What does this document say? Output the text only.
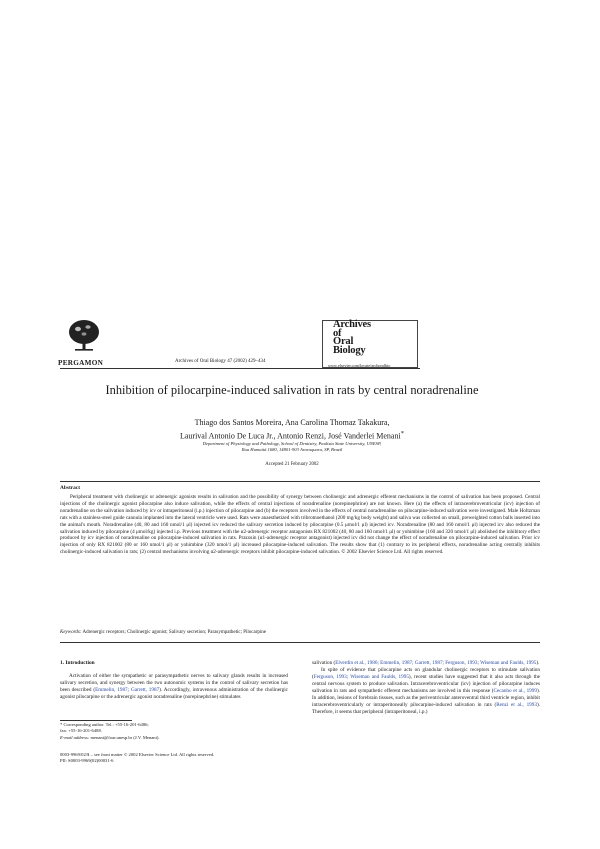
PERGAMON	Archives of Oral Biology 47 (2002) 429–434
Archives
of
Oral
Biology
www.elsevier.com/locate/archoralbio
Inhibition of pilocarpine-induced salivation in rats by central noradrenaline
Thiago dos Santos Moreira, Ana Carolina Thomaz Takakura,
Laurival Antonio De Luca Jr., Antonio Renzi, José Vanderlei Menani*
Department of Physiology and Pathology, School of Dentistry, Paulista State University, UNESP,
Rua Humaitá 1680, 14801-903 Araraquara, SP, Brazil
Accepted 21 February 2002
Abstract
Peripheral treatment with cholinergic or adrenergic agonists results in salivation and the possibility of synergy between cholinergic and adrenergic efferent mechanisms in the control of salivation has been proposed. Central injections of the cholinergic agonist pilocarpine also induce salivation, while the effects of central injections of noradrenaline (norepinephrine) are not known. Here (a) the effects of intracerebroventricular (icv) injection of noradrenaline on the salivation induced by icv or intraperitoneal (i.p.) injection of pilocarpine and (b) the receptors involved in the effects of central noradrenaline on pilocarpine-induced salivation were investigated. Male Holtzman rats with a stainless-steel guide cannula implanted into the lateral ventricle were used. Rats were anaesthetized with tribromoethanol (200 mg/kg body weight) and saliva was collected on small, preweighted cotton balls inserted into the animal's mouth. Noradrenaline (40, 80 and 160 nmol/1 μl) injected icv reduced the salivary secretion induced by pilocarpine (0.5 μmol/1 μl) injected icv. Noradrenaline (80 and 160 nmol/1 μl) injected icv also reduced the salivation induced by pilocarpine (4 μmol/kg) injected i.p. Previous treatment with the α2-adrenergic receptor antagonists RX 821002 (40, 80 and 160 nmol/1 μl) or yohimbine (160 and 320 nmol/1 μl) abolished the inhibitory effect produced by icv injection of noradrenaline on pilocarpine-induced salivation in rats. Prazosin (α1-adrenergic receptor antagonist) injected icv did not change the effect of noradrenaline on pilocarpine-induced salivation. Prior icv injection of only RX 821002 (80 or 160 nmol/1 μl) or yohimbine (320 nmol/1 μl) increased pilocarpine-induced salivation. The results show that (1) contrary to its peripheral effects, noradrenaline acting centrally inhibits cholinergic-induced salivation in rats; (2) central mechanisms involving α2-adrenergic receptors inhibit pilocarpine-induced salivation. © 2002 Elsevier Science Ltd. All rights reserved.
Keywords: Adrenergic receptors; Cholinergic agonist; Salivary secretion; Parasympathetic; Pilocarpine
1. Introduction

Activation of either the sympathetic or parasympathetic nerves to salivary glands results in increased salivary secretion, and synergy between the two autonomic systems in the control of salivary secretion has been described (Emmelin, 1987; Garrett, 1987). Accordingly, intravenous administration of the cholinergic agonist pilocarpine or the adrenergic agonist noradrenaline (norepinephrine) stimulates

salivation (Elverdin et al., 1986; Emmelin, 1987; Garrett, 1987; Ferguson, 1993; Wiseman and Faulds, 1995).

In spite of evidence that pilocarpine acts on glandular cholinergic receptors to stimulate salivation (Ferguson, 1993; Wiseman and Faulds, 1995), recent studies have suggested that it also acts through the central nervous system to produce salivation. Intracerebroventricular (icv) injection of pilocarpine induces salivation in rats and sympathetic efferent mechanisms are involved in this response (Cecanho et al., 1999). In addition, lesions of forebrain tissues, such as the periventricular anteroventral third ventricle region, inhibit intracerebroventricularly or intraperitoneally pilocarpine-induced salivation in rats (Renzi et al., 1993). Therefore, it seems that peripheral (intraperitoneal, i.p.)

* Corresponding author. Tel.: +55-16-201-6486;
fax: +55-16-201-6488.
E-mail address: menani@foar.unesp.br (J.V. Menani).
0003-9969/02/$ – see front matter © 2002 Elsevier Science Ltd. All rights reserved.
PII: S0003-9969(02)00031-6
